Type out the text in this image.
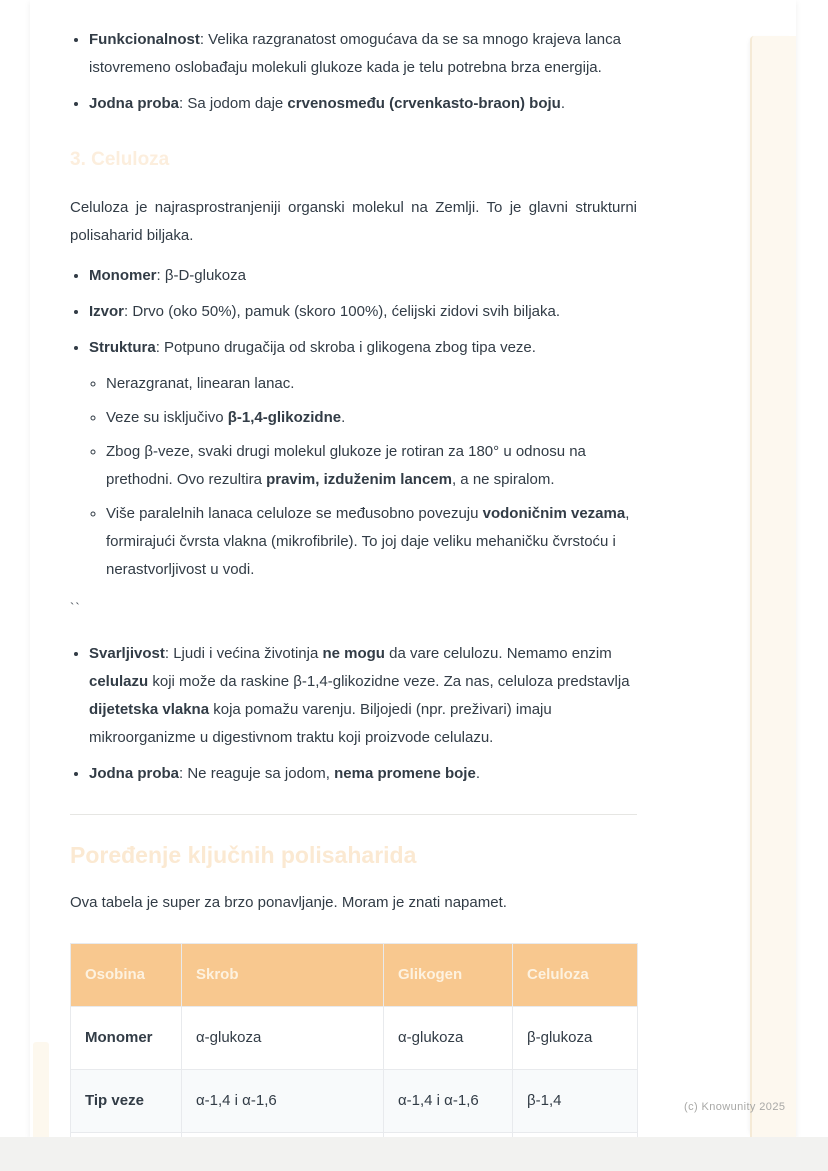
• Funkcionalnost: Velika razgranatost omogućava da se sa mnogo krajeva lanca istovremeno oslobađaju molekuli glukoze kada je telu potrebna brza energija.
• Jodna proba: Sa jodom daje crvenosmeđu (crvenkasto-braon) boju.
3. Celuloza

Celuloza je najrasprostranjeniji organski molekul na Zemlji. To je glavni strukturni polisaharid biljaka.

• Monomer: β-D-glukoza
• Izvor: Drvo (oko 50%), pamuk (skoro 100%), ćelijski zidovi svih biljaka.
• Struktura: Potpuno drugačija od skroba i glikogena zbog tipa veze.
◦ Nerazgranat, linearan lanac.
◦ Veze su isključivo β-1,4-glikozidne.
◦ Zbog β-veze, svaki drugi molekul glukoze je rotiran za 180° u odnosu na prethodni. Ovo rezultira pravim, izduženim lancem, a ne spiralom.
◦ Više paralelnih lanaca celuloze se međusobno povezuju vodoničnim vezama, formirajući čvrsta vlakna (mikrofibrile). To joj daje veliku mehaničku čvrstoću i nerastvorljivost u vodi.
``
• Svarljivost: Ljudi i većina životinja ne mogu da vare celulozu. Nemamo enzim celulazu koji može da raskine β-1,4-glikozidne veze. Za nas, celuloza predstavlja dijetetska vlakna koja pomažu varenju. Biljojedi (npr. preživari) imaju mikroorganizme u digestivnom traktu koji proizvode celulazu.
• Jodna proba: Ne reaguje sa jodom, nema promene boje.
Poređenje ključnih polisaharida

Ova tabela je super za brzo ponavljanje. Moram je znati napamet.

Osobina	Skrob	Glikogen	Celuloza
Monomer	α-glukoza	α-glukoza	β-glukoza
Tip veze	α-1,4 i α-1,6	α-1,4 i α-1,6	β-1,4
				(c) Knowunity 2025
